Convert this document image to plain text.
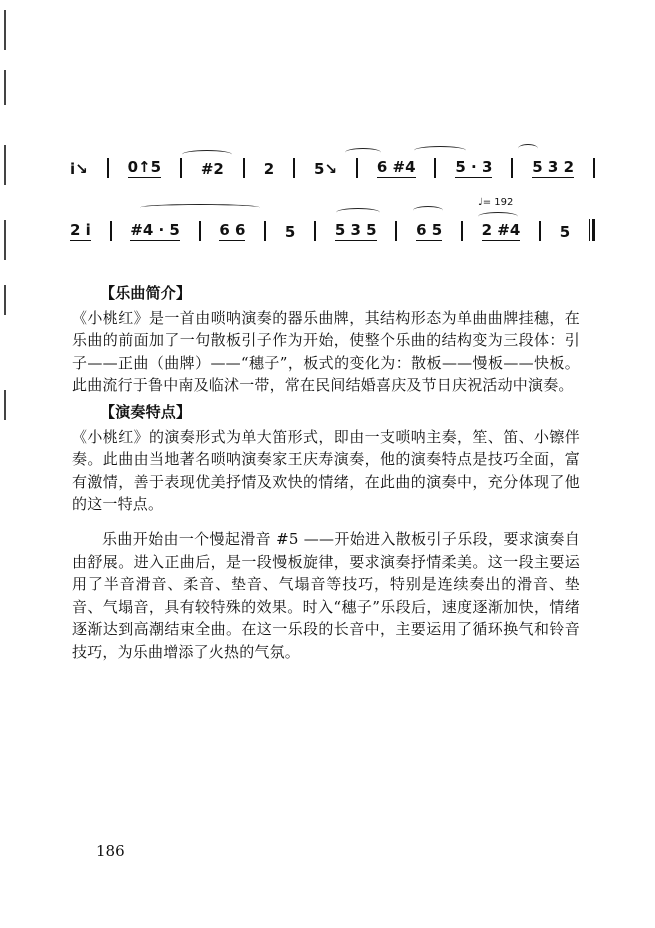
i↘	0↑5	#2	2	5↘	6 #4	5 · 3	5 3 2
♩= 192
2 i	#4 · 5	6 6	5	5 3 5	6 5	2 #4	5
【乐曲简介】
《小桃红》是一首由唢呐演奏的器乐曲牌，其结构形态为单曲曲牌挂穗，在乐曲的前面加了一句散板引子作为开始，使整个乐曲的结构变为三段体：引子——正曲（曲牌）——“穗子”，板式的变化为：散板——慢板——快板。此曲流行于鲁中南及临沭一带，常在民间结婚喜庆及节日庆祝活动中演奏。
【演奏特点】
《小桃红》的演奏形式为单大笛形式，即由一支唢呐主奏，笙、笛、小镲伴奏。此曲由当地著名唢呐演奏家王庆寿演奏，他的演奏特点是技巧全面，富有激情，善于表现优美抒情及欢快的情绪，在此曲的演奏中，充分体现了他的这一特点。
乐曲开始由一个慢起滑音 #5 ——开始进入散板引子乐段，要求演奏自由舒展。进入正曲后，是一段慢板旋律，要求演奏抒情柔美。这一段主要运用了半音滑音、柔音、垫音、气塌音等技巧，特别是连续奏出的滑音、垫音、气塌音，具有较特殊的效果。时入“穗子”乐段后，速度逐渐加快，情绪逐渐达到高潮结束全曲。在这一乐段的长音中，主要运用了循环换气和铃音技巧，为乐曲增添了火热的气氛。
186
